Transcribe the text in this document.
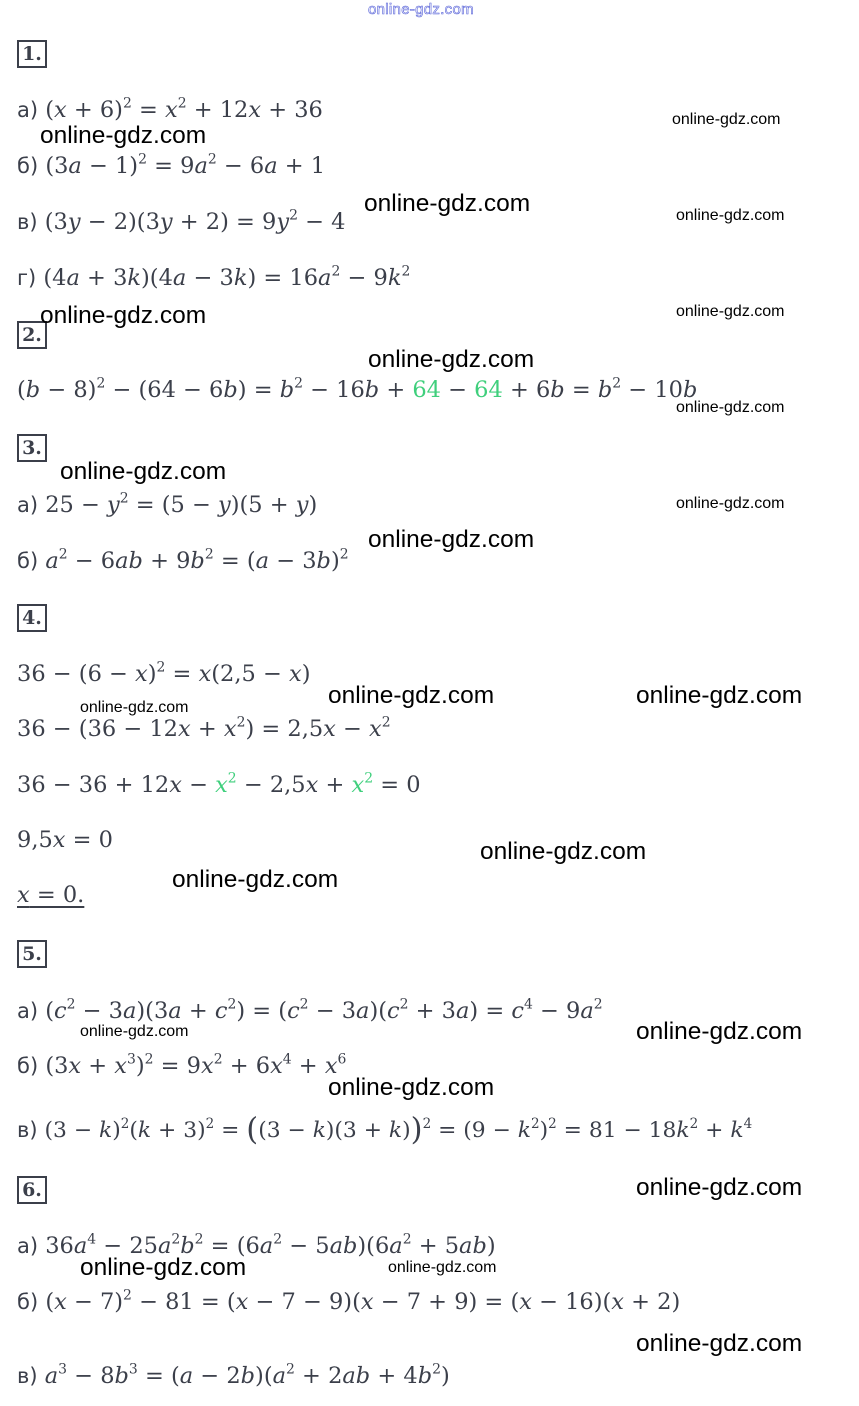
online-gdz.com
1.
а) $(x + 6)^2 = x^2 + 12x + 36$
б) $(3a - 1)^2 = 9a^2 - 6a + 1$
в) $(3y - 2)(3y + 2) = 9y^2 - 4$
г) $(4a + 3k)(4a - 3k) = 16a^2 - 9k^2$
2.
$(b - 8)^2 - (64 - 6b) = b^2 - 16b + 64 - 64 + 6b = b^2 - 10b$
3.
а) $25 - y^2 = (5 - y)(5 + y)$
б) $a^2 - 6ab + 9b^2 = (a - 3b)^2$
4.
$36 - (6 - x)^2 = x(2,5 - x)$
$36 - (36 - 12x + x^2) = 2,5x - x^2$
$36 - 36 + 12x - x^2 - 2,5x + x^2 = 0$
9,5x = 0
x = 0.
5.
а) $(c^2 - 3a)(3a + c^2) = (c^2 - 3a)(c^2 + 3a) = c^4 - 9a^2$
б) $(3x + x^3)^2 = 9x^2 + 6x^4 + x^6$
в) $(3 - k)^2(k + 3)^2 = ((3 - k)(3 + k))^2 = (9 - k^2)^2 = 81 - 18k^2 + k^4$
6.
а) $36a^4 - 25a^2b^2 = (6a^2 - 5ab)(6a^2 + 5ab)$
б) $(x - 7)^2 - 81 = (x - 7 - 9)(x - 7 + 9) = (x - 16)(x + 2)$
в) $a^3 - 8b^3 = (a - 2b)(a^2 + 2ab + 4b^2)$
online-gdz.com
online-gdz.com
online-gdz.com	online-gdz.com
online-gdz.com	online-gdz.com
online-gdz.com
online-gdz.com
online-gdz.com
online-gdz.com
online-gdz.com
online-gdz.com	online-gdz.com
online-gdz.com
online-gdz.com
online-gdz.com
online-gdz.com	online-gdz.com
online-gdz.com
online-gdz.com
online-gdz.com	online-gdz.com
online-gdz.com
